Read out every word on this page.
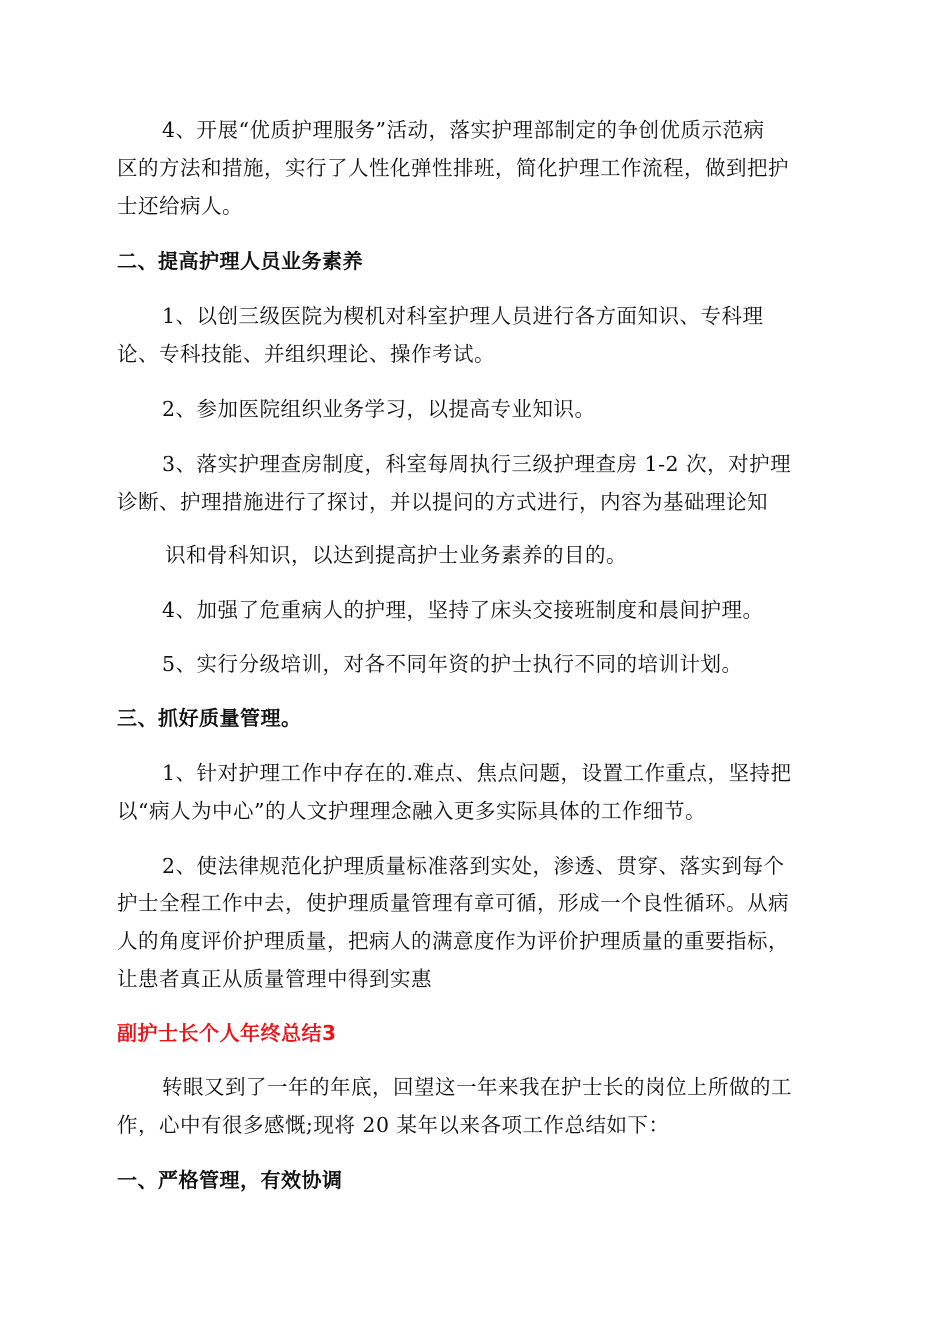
4、开展“优质护理服务”活动，落实护理部制定的争创优质示范病
区的方法和措施，实行了人性化弹性排班，简化护理工作流程，做到把护
士还给病人。
二、提高护理人员业务素养
1、以创三级医院为楔机对科室护理人员进行各方面知识、专科理
论、专科技能、并组织理论、操作考试。
2、参加医院组织业务学习，以提高专业知识。
3、落实护理查房制度，科室每周执行三级护理查房 1-2 次，对护理
诊断、护理措施进行了探讨，并以提问的方式进行，内容为基础理论知
识和骨科知识，以达到提高护士业务素养的目的。
4、加强了危重病人的护理，坚持了床头交接班制度和晨间护理。
5、实行分级培训，对各不同年资的护士执行不同的培训计划。
三、抓好质量管理。
1、针对护理工作中存在的.难点、焦点问题，设置工作重点，坚持把
以“病人为中心”的人文护理理念融入更多实际具体的工作细节。
2、使法律规范化护理质量标准落到实处，渗透、贯穿、落实到每个
护士全程工作中去，使护理质量管理有章可循，形成一个良性循环。从病
人的角度评价护理质量，把病人的满意度作为评价护理质量的重要指标，
让患者真正从质量管理中得到实惠
副护士长个人年终总结3
转眼又到了一年的年底，回望这一年来我在护士长的岗位上所做的工
作，心中有很多感慨;现将 20 某年以来各项工作总结如下：
一、严格管理，有效协调
